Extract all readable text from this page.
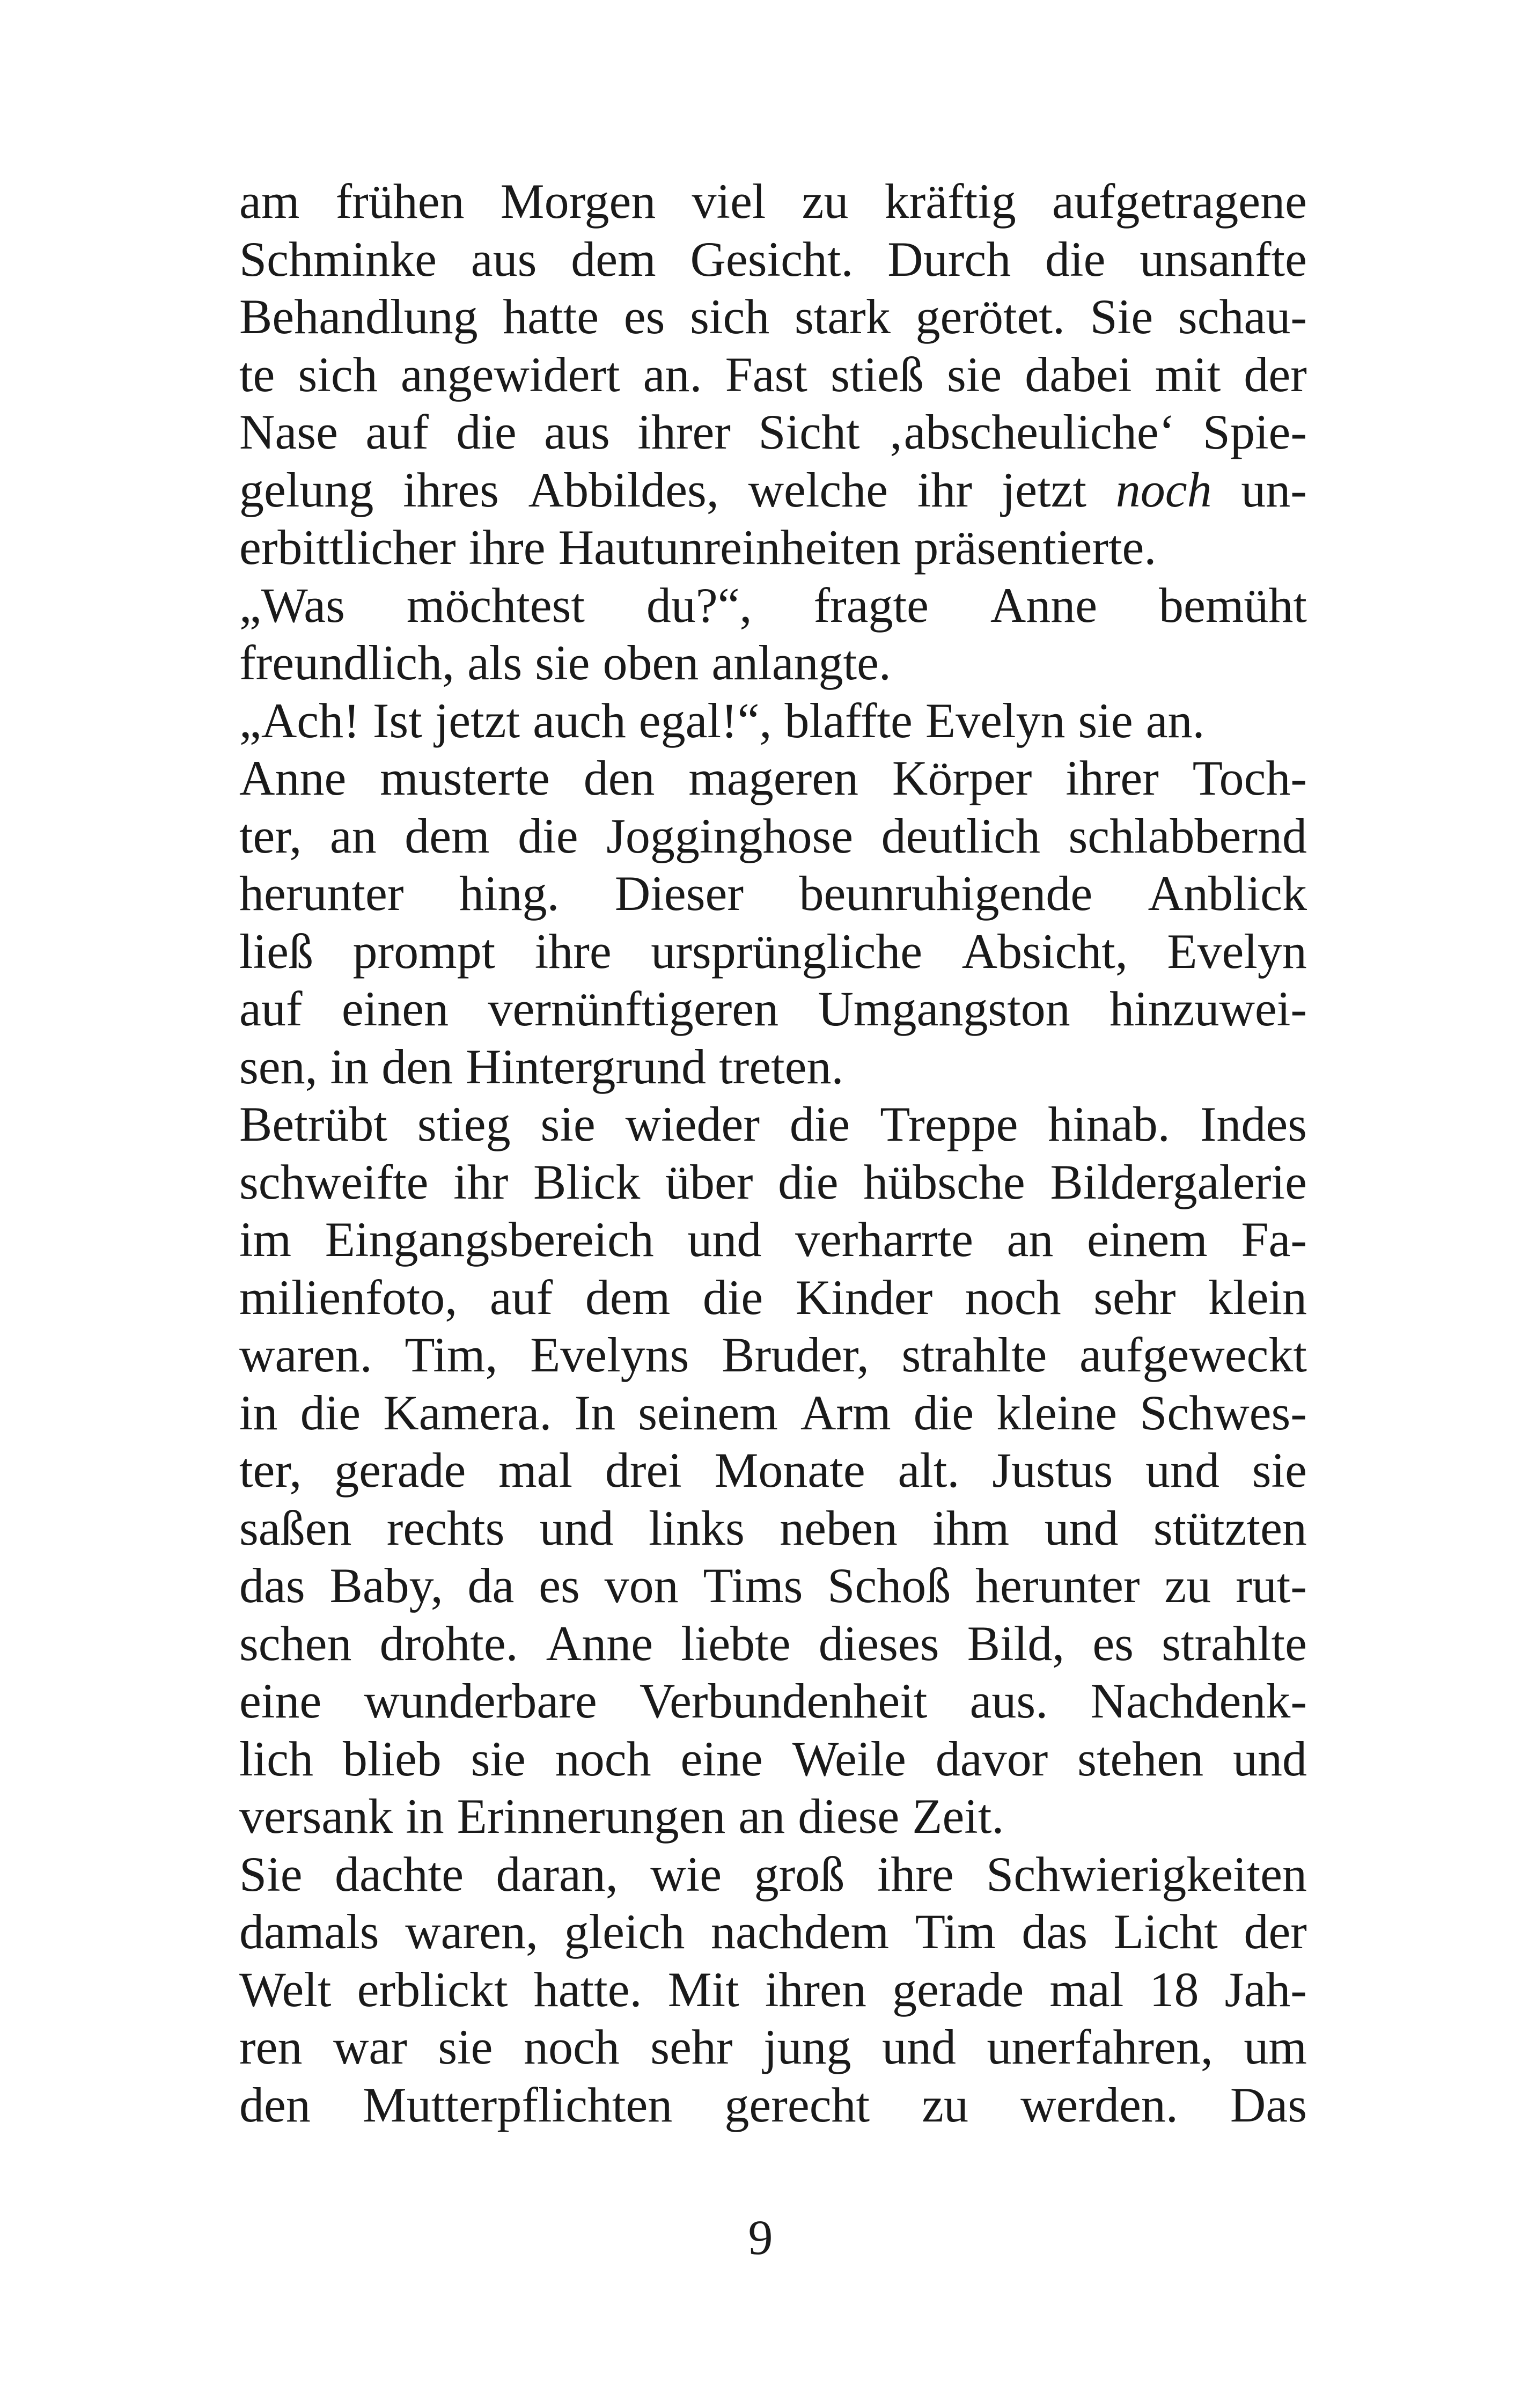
am frühen Morgen viel zu kräftig aufgetragene
Schminke aus dem Gesicht. Durch die unsanfte
Behandlung hatte es sich stark gerötet. Sie schau-
te sich angewidert an. Fast stieß sie dabei mit der
Nase auf die aus ihrer Sicht ‚abscheuliche‘ Spie-
gelung ihres Abbildes, welche ihr jetzt noch un-
erbittlicher ihre Hautunreinheiten präsentierte.
„Was möchtest du?“, fragte Anne bemüht
freundlich, als sie oben anlangte.
„Ach! Ist jetzt auch egal!“, blaffte Evelyn sie an.
Anne musterte den mageren Körper ihrer Toch-
ter, an dem die Jogginghose deutlich schlabbernd
herunter hing. Dieser beunruhigende Anblick
ließ prompt ihre ursprüngliche Absicht, Evelyn
auf einen vernünftigeren Umgangston hinzuwei-
sen, in den Hintergrund treten.
Betrübt stieg sie wieder die Treppe hinab. Indes
schweifte ihr Blick über die hübsche Bildergalerie
im Eingangsbereich und verharrte an einem Fa-
milienfoto, auf dem die Kinder noch sehr klein
waren. Tim, Evelyns Bruder, strahlte aufgeweckt
in die Kamera. In seinem Arm die kleine Schwes-
ter, gerade mal drei Monate alt. Justus und sie
saßen rechts und links neben ihm und stützten
das Baby, da es von Tims Schoß herunter zu rut-
schen drohte. Anne liebte dieses Bild, es strahlte
eine wunderbare Verbundenheit aus. Nachdenk-
lich blieb sie noch eine Weile davor stehen und
versank in Erinnerungen an diese Zeit.
Sie dachte daran, wie groß ihre Schwierigkeiten
damals waren, gleich nachdem Tim das Licht der
Welt erblickt hatte. Mit ihren gerade mal 18 Jah-
ren war sie noch sehr jung und unerfahren, um
den Mutterpflichten gerecht zu werden. Das
9
